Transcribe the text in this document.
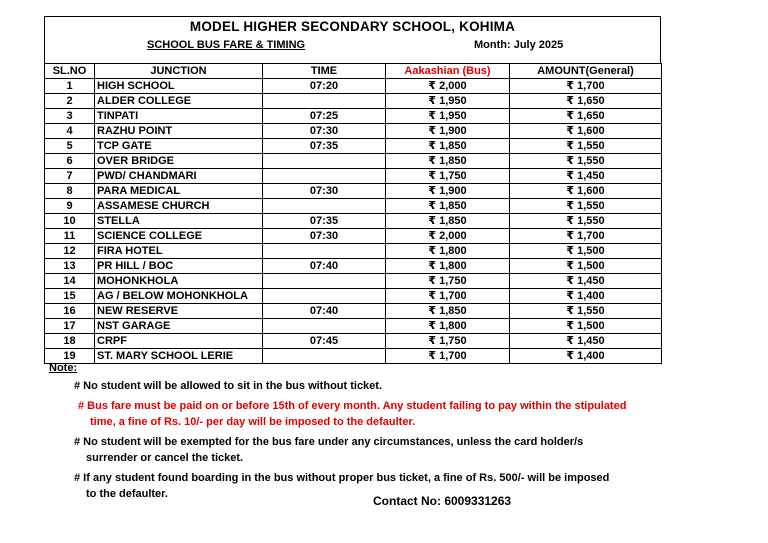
MODEL HIGHER SECONDARY SCHOOL, KOHIMA
SCHOOL BUS FARE & TIMING	Month: July 2025
SL.NO	JUNCTION	TIME	Aakashian (Bus)	AMOUNT(General)
1	HIGH SCHOOL	07:20	₹ 2,000	₹ 1,700
2	ALDER COLLEGE		₹ 1,950	₹ 1,650
3	TINPATI	07:25	₹ 1,950	₹ 1,650
4	RAZHU POINT	07:30	₹ 1,900	₹ 1,600
5	TCP GATE	07:35	₹ 1,850	₹ 1,550
6	OVER BRIDGE		₹ 1,850	₹ 1,550
7	PWD/ CHANDMARI		₹ 1,750	₹ 1,450
8	PARA MEDICAL	07:30	₹ 1,900	₹ 1,600
9	ASSAMESE CHURCH		₹ 1,850	₹ 1,550
10	STELLA	07:35	₹ 1,850	₹ 1,550
11	SCIENCE COLLEGE	07:30	₹ 2,000	₹ 1,700
12	FIRA HOTEL		₹ 1,800	₹ 1,500
13	PR HILL / BOC	07:40	₹ 1,800	₹ 1,500
14	MOHONKHOLA		₹ 1,750	₹ 1,450
15	AG / BELOW MOHONKHOLA		₹ 1,700	₹ 1,400
16	NEW RESERVE	07:40	₹ 1,850	₹ 1,550
17	NST GARAGE		₹ 1,800	₹ 1,500
18	CRPF	07:45	₹ 1,750	₹ 1,450
19	ST. MARY SCHOOL LERIE		₹ 1,700	₹ 1,400
Note:
# No student will be allowed to sit in the bus without ticket.
# Bus fare must be paid on or before 15th of every month. Any student failing to pay within the stipulated
time, a fine of Rs. 10/- per day will be imposed to the defaulter.
# No student will be exempted for the bus fare under any circumstances, unless the card holder/s
surrender or cancel the ticket.
# If any student found boarding in the bus without proper bus ticket, a fine of Rs. 500/- will be imposed
to the defaulter.	Contact No: 6009331263
